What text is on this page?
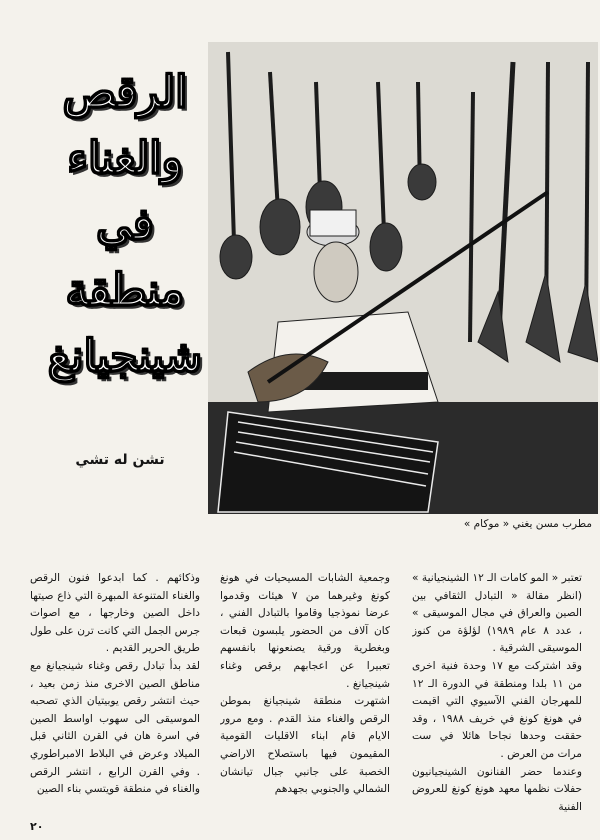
الرقص
والغناء
في منطقة
شينجيانغ
تشن له تشي
مطرب مسن يغني « موكام »

تعتبر « المو كامات الـ ١٢ الشينجيانية » (انظر مقالة « التبادل الثقافي بين الصين والعراق في مجال الموسيقى » ، عدد ٨ عام ١٩٨٩) لؤلؤة من كنوز الموسيقى الشرقية .

وقد اشتركت مع ١٧ وحدة فنية اخرى من ١١ بلدا ومنطقة في الدورة الـ ١٢ للمهرجان الفني الآسيوي التي اقيمت في هونغ كونغ في خريف ١٩٨٨ ، وقد حققت وحدها نجاحا هائلا في ست مرات من العرض .

وعندما حضر الفنانون الشينجيانيون حفلات نظمها معهد هونغ كونغ للعروض الفنية

وجمعية الشابات المسيحيات في هونغ كونغ وغيرهما من ٧ هيئات وقدموا عرضا نموذجيا وقاموا بالتبادل الفني ، كان آلاف من الحضور يلبسون قبعات وبغطرية ورقية يصنعونها بانفسهم تعبيرا عن اعجابهم برقص وغناء شينجيانغ .

اشتهرت منطقة شينجيانغ بموطن الرقص والغناء منذ القدم . ومع مرور الايام قام ابناء الاقليات القومية المقيمون فيها باستصلاح الاراضي الخصبة على جانبي جبال تيانشان الشمالي والجنوبي بجهدهم

وذكائهم . كما ابدعوا فنون الرقص والغناء المتنوعة المبهرة التي ذاع صيتها داخل الصين وخارجها ، مع اصوات جرس الجمل التي كانت ترن على طول طريق الحرير القديم .

لقد بدأ تبادل رقص وغناء شينجيانغ مع مناطق الصين الاخرى منذ زمن بعيد ، حيث انتشر رقص يوبيتيان الذي تصحبه الموسيقى الى سهوب اواسط الصين في اسرة هان في القرن الثاني قبل الميلاد وعرض في البلاط الامبراطوري . وفي القرن الرابع ، انتشر الرقص والغناء في منطقة قويتسي بناء الصين

٢٠
